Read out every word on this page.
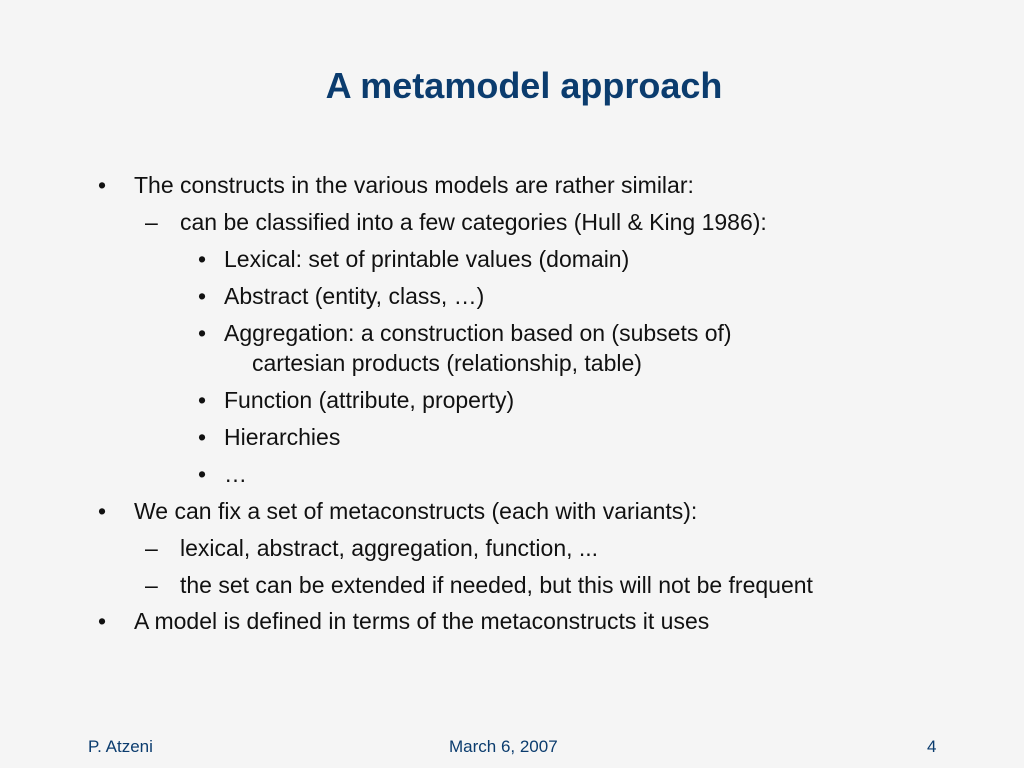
A metamodel approach
• The constructs in the various models are rather similar:
– can be classified into a few categories (Hull & King 1986):
• Lexical: set of printable values (domain)
• Abstract (entity, class, …)
• Aggregation: a construction based on (subsets of)
cartesian products (relationship, table)
• Function (attribute, property)
• Hierarchies
• …
• We can fix a set of metaconstructs (each with variants):
– lexical, abstract, aggregation, function, ...
– the set can be extended if needed, but this will not be frequent
• A model is defined in terms of the metaconstructs it uses
P. Atzeni	March 6, 2007	4
